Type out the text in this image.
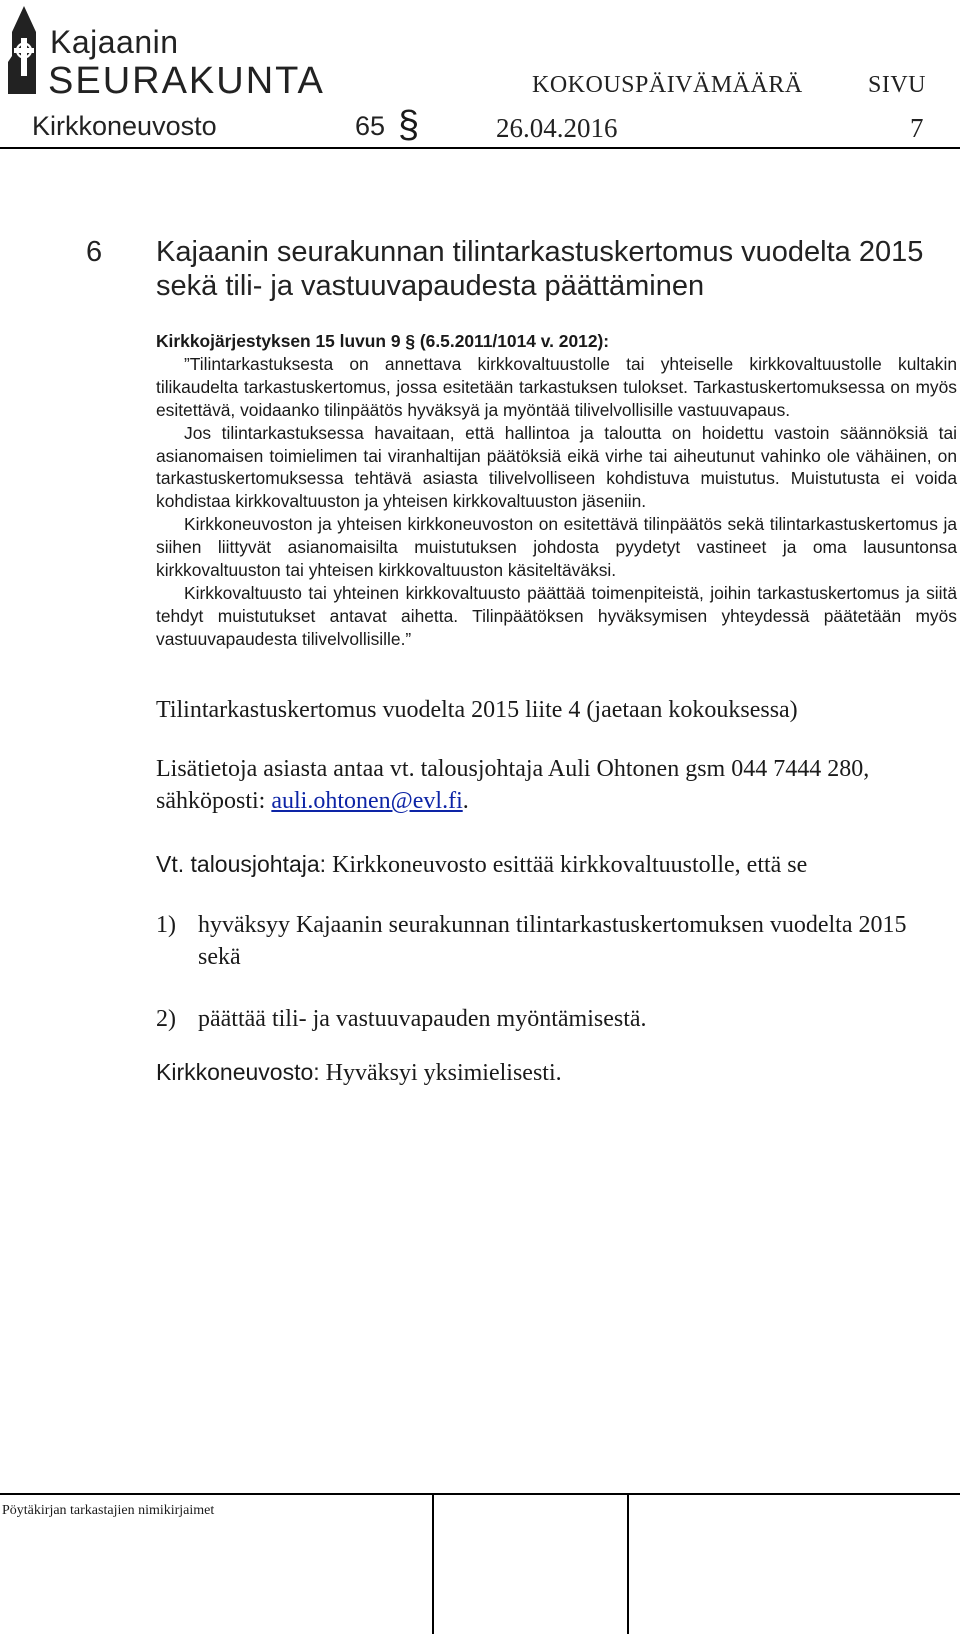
Kajaanin
SEURAKUNTA	KOKOUSPÄIVÄMÄÄRÄ	SIVU
Kirkkoneuvosto	65 §	26.04.2016	7
6 Kajaanin seurakunnan tilintarkastuskertomus vuodelta 2015
sekä tili- ja vastuuvapaudesta päättäminen
Kirkkojärjestyksen 15 luvun 9 § (6.5.2011/1014 v. 2012):
”Tilintarkastuksesta on annettava kirkkovaltuustolle tai yhteiselle kirkkovaltuustolle kultakin tilikaudelta tarkastuskertomus, jossa esitetään tarkastuksen tulokset. Tarkastuskertomuksessa on myös esitettävä, voidaanko tilinpäätös hyväksyä ja myöntää tilivelvollisille vastuuvapaus.
Jos tilintarkastuksessa havaitaan, että hallintoa ja taloutta on hoidettu vastoin säännöksiä tai asianomaisen toimielimen tai viranhaltijan päätöksiä eikä virhe tai aiheutunut vahinko ole vähäinen, on tarkastuskertomuksessa tehtävä asiasta tilivelvolliseen kohdistuva muistutus. Muistutusta ei voida kohdistaa kirkkovaltuuston ja yhteisen kirkkovaltuuston jäseniin.
Kirkkoneuvoston ja yhteisen kirkkoneuvoston on esitettävä tilinpäätös sekä tilintarkastuskertomus ja siihen liittyvät asianomaisilta muistutuksen johdosta pyydetyt vastineet ja oma lausuntonsa kirkkovaltuuston tai yhteisen kirkkovaltuuston käsiteltäväksi.
Kirkkovaltuusto tai yhteinen kirkkovaltuusto päättää toimenpiteistä, joihin tarkastuskertomus ja siitä tehdyt muistutukset antavat aihetta. Tilinpäätöksen hyväksymisen yhteydessä päätetään myös vastuuvapaudesta tilivelvollisille.”
Tilintarkastuskertomus vuodelta 2015 liite 4 (jaetaan kokouksessa)
Lisätietoja asiasta antaa vt. talousjohtaja Auli Ohtonen gsm 044 7444 280,
sähköposti: auli.ohtonen@evl.fi.
Vt. talousjohtaja: Kirkkoneuvosto esittää kirkkovaltuustolle, että se
1) hyväksyy Kajaanin seurakunnan tilintarkastuskertomuksen vuodelta 2015
sekä
2) päättää tili- ja vastuuvapauden myöntämisestä.
Kirkkoneuvosto: Hyväksyi yksimielisesti.
Pöytäkirjan tarkastajien nimikirjaimet
